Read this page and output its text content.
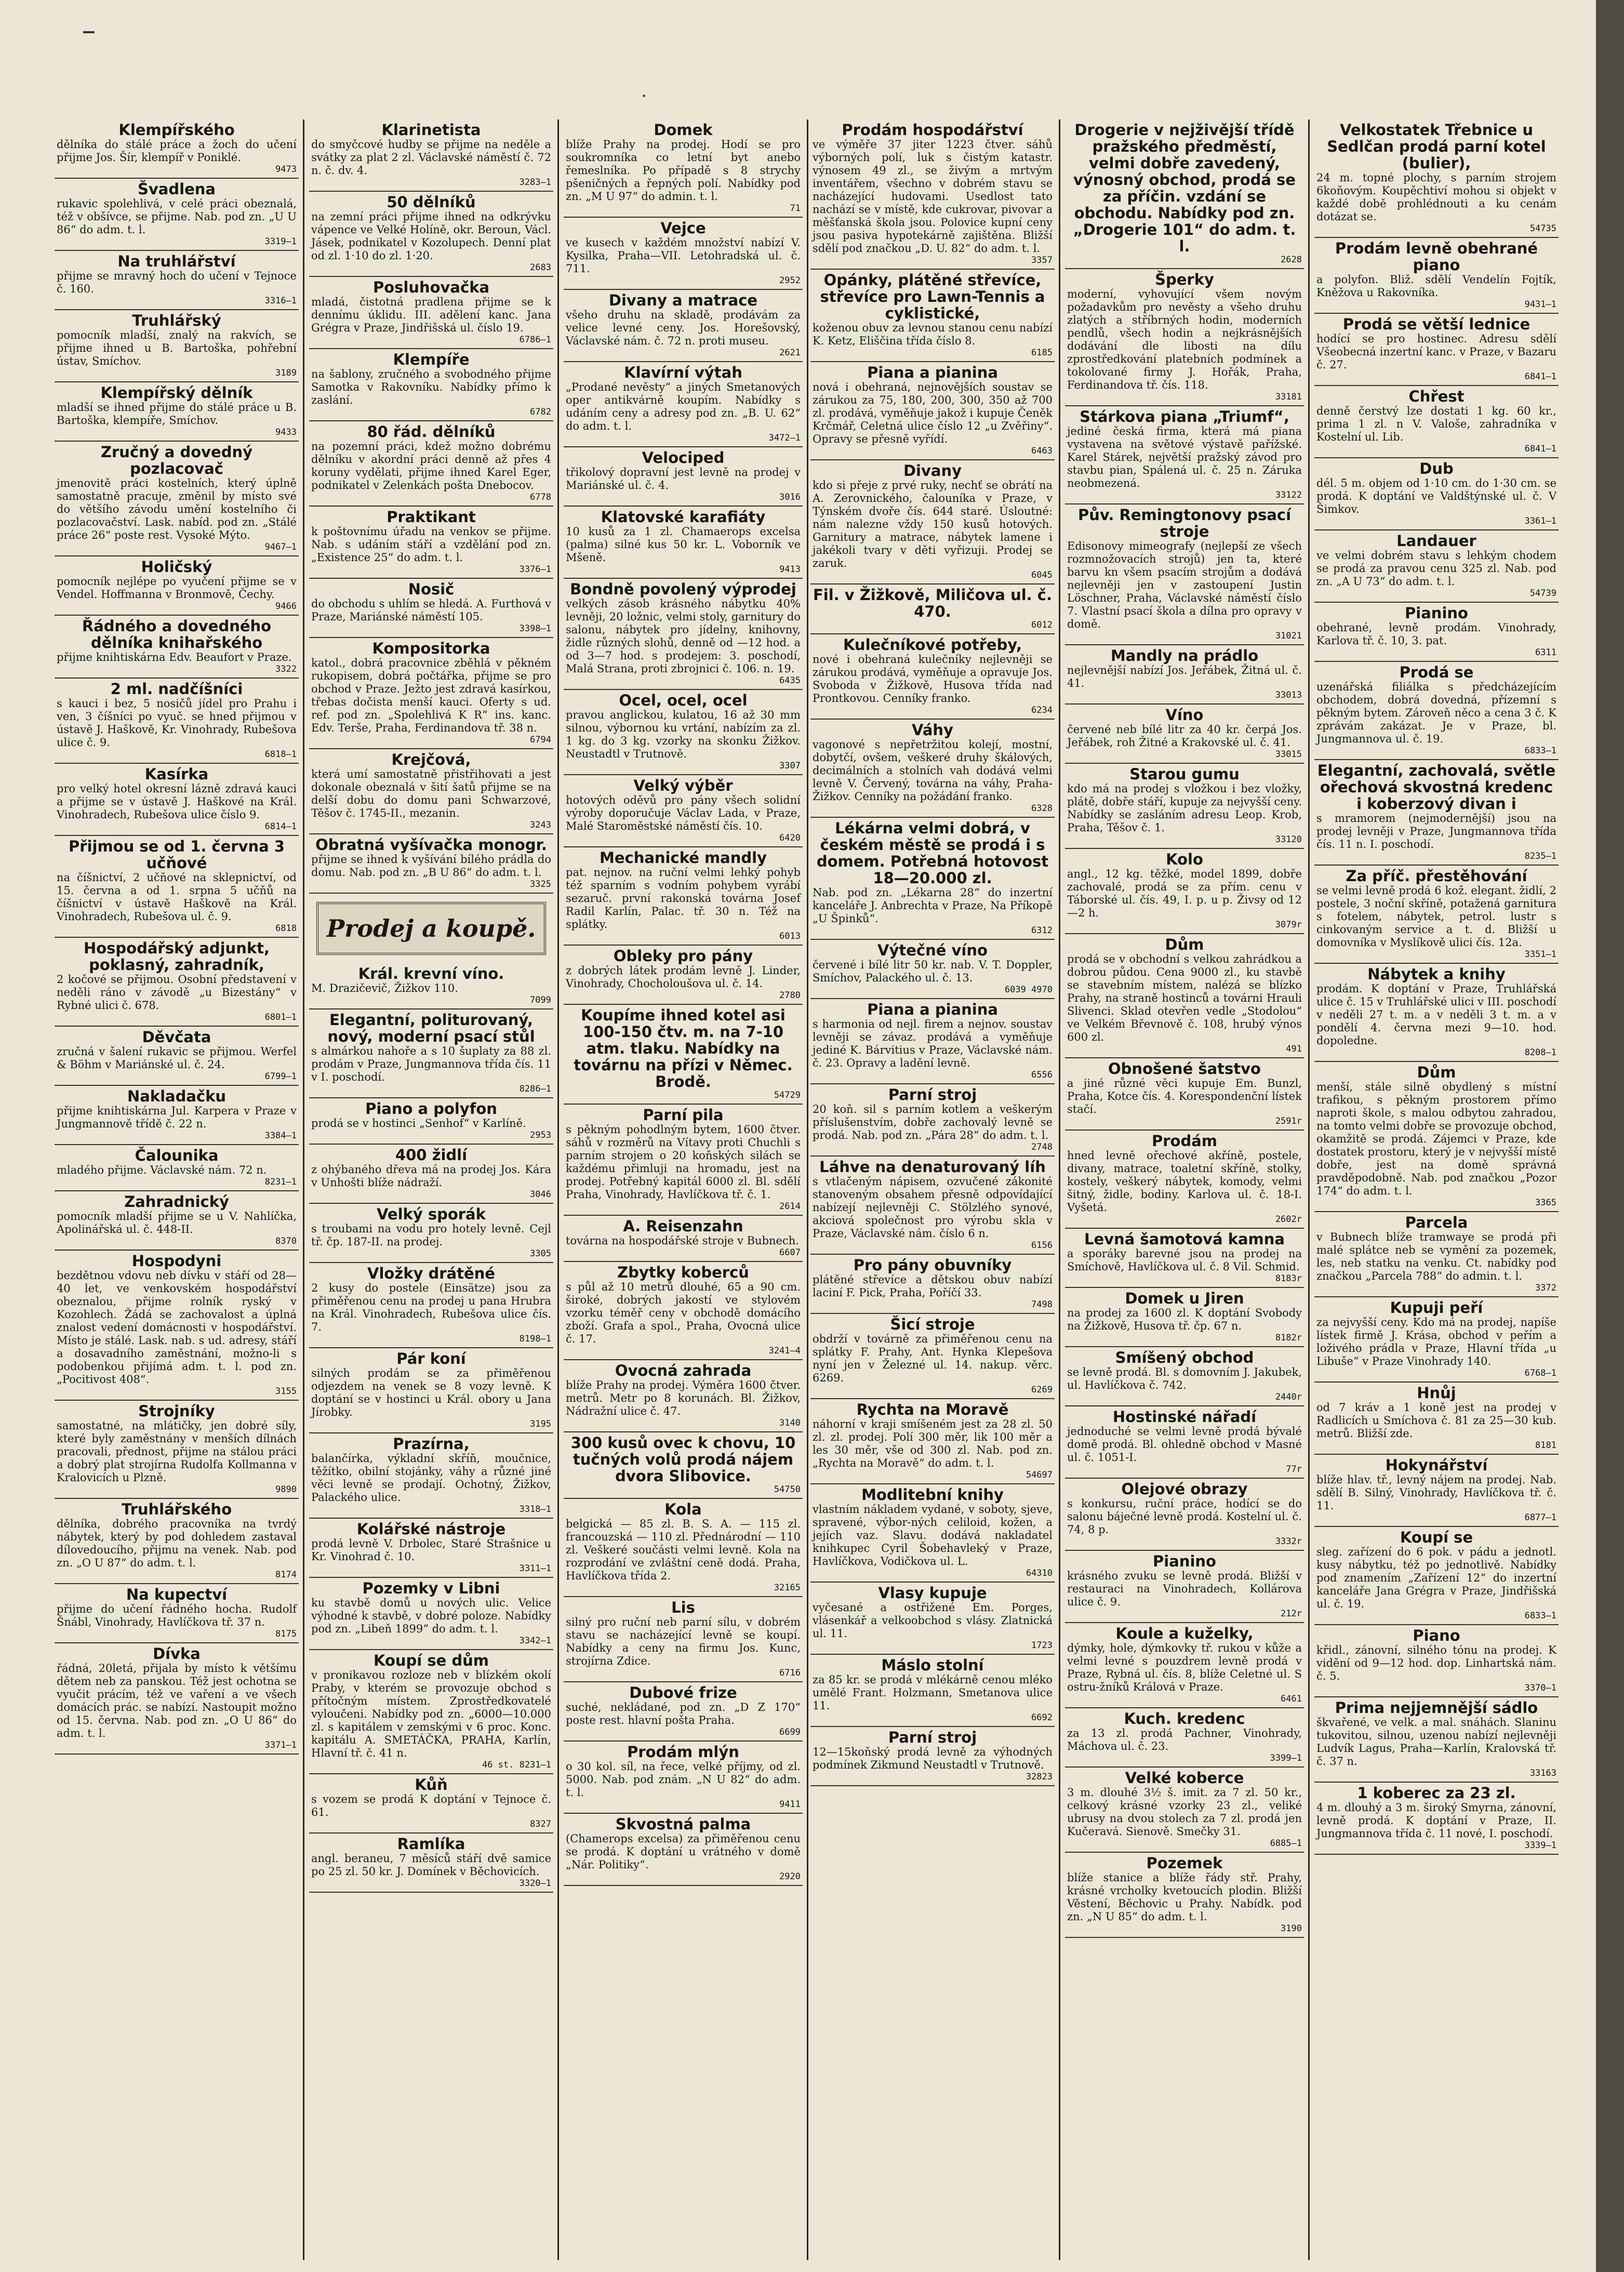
Klempířského
dělníka do stálé práce a žoch do učení přijme Jos. Šír, klempíř v Poniklé.
9473
Švadlena
rukavic spolehlivá, v celé práci obeznalá, též v obšívce, se přijme. Nab. pod zn. „U U 86“ do adm. t. l.
3319—1
Na truhlářství
přijme se mravný hoch do učení v Tejnoce č. 160.
3316—1
Truhlářský
pomocník mladší, znalý na rakvích, se přijme ihned u B. Bartoška, pohřební ústav, Smíchov.
3189
Klempířský dělník
mladší se ihned přijme do stálé práce u B. Bartoška, klempíře, Smíchov.
9433
Zručný a dovedný pozlacovač
jmenovitě práci kostelních, který úplně samostatně pracuje, změnil by místo své do většího závodu umění kostelního či pozlacovačství. Lask. nabíd. pod zn. „Stálé práce 26“ poste rest. Vysoké Mýto.
9467—1
Holičský
pomocník nejlépe po vyučení přijme se v Vendel. Hoffmanna v Bronmově, Čechy.
9466
Řádného a dovedného dělníka knihařského
přijme knihtiskárna Edv. Beaufort v Praze.
3322
2 ml. nadčíšníci
s kauci i bez, 5 nosičů jídel pro Prahu i ven, 3 číšníci po vyuč. se hned přijmou v ústavě J. Haškově, Kr. Vinohrady, Rubešova ulice č. 9.
6818—1
Kasírka
pro velký hotel okresní lázně zdravá kauci a přijme se v ústavě J. Haškové na Král. Vinohradech, Rubešova ulice číslo 9.
6814—1
Přijmou se od 1. června 3 učňové
na číšnictví, 2 učňové na sklepnictví, od 15. června a od 1. srpna 5 učňů na číšnictví v ústavě Haškově na Král. Vinohradech, Rubešova ul. č. 9.
6818
Hospodářský adjunkt, poklasný, zahradník,
2 kočové se přijmou. Osobní představení v neděli ráno v závodě „u Bizestány“ v Rybné ulici č. 678.
6801—1
Děvčata
zručná v šalení rukavic se přijmou. Werfel & Böhm v Mariánské ul. č. 24.
6799—1
Nakladačku
přijme knihtiskárna Jul. Karpera v Praze v Jungmannově třídě č. 22 n.
3384—1
Čalounika
mladého přijme. Václavské nám. 72 n.
8231—1
Zahradnický
pomocník mladší přijme se u V. Nahlíčka, Apolinářská ul. č. 448-II.
8370
Hospodyni
bezdětnou vdovu neb dívku v stáří od 28—40 let, ve venkovském hospodářství obeznalou, přijme rolník ryský v Kozohlech. Žádá se zachovalost a úplná znalost vedení domácnosti v hospodářství. Místo je stálé. Lask. nab. s ud. adresy, stáří a dosavadního zaměstnání, možno-li s podobenkou přijímá adm. t. l. pod zn. „Pocitivost 408“.
3155
Strojníky
samostatné, na mlátičky, jen dobré síly, které byly zaměstnány v menších dílnách pracovali, přednost, přijme na stálou práci a dobrý plat strojírna Rudolfa Kollmanna v Kralovicích u Plzně.
9890
Truhlářského
dělníka, dobrého pracovníka na tvrdý nábytek, který by pod dohledem zastaval dílovedoucího, přijmu na venek. Nab. pod zn. „O U 87“ do adm. t. l.
8174
Na kupectví
přijme do učení řádného hocha. Rudolf Šnábl, Vinohrady, Havlíčkova tř. 37 n.
8175
Dívka
řádná, 20letá, přijala by místo k většímu dětem neb za panskou. Též jest ochotna se vyučit prácím, též ve vaření a ve všech domácích prác. se nabízí. Nastoupit možno od 15. června. Nab. pod zn. „O U 86“ do adm. t. l.
3371—1
Klarinetista
do smyčcové hudby se přijme na neděle a svátky za plat 2 zl. Václavské náměstí č. 72 n. č. dv. 4.
3283—1
50 dělníků
na zemní práci přijme ihned na odkrývku vápence ve Velké Holíně, okr. Beroun, Václ. Jásek, podnikatel v Kozolupech. Denní plat od zl. 1·10 do zl. 1·20.
2683
Posluhovačka
mladá, čistotná pradlena přijme se k dennímu úklidu. III. adělení kanc. Jana Grégra v Praze, Jindřišská ul. číslo 19.
6786—1
Klempíře
na šablony, zručného a svobodného přijme Samotka v Rakovníku. Nabídky přímo k zaslání.
6782
80 řád. dělníků
na pozemní práci, kdež možno dobrému dělníku v akordní práci denně až přes 4 koruny vydělati, přijme ihned Karel Eger, podnikatel v Zelenkách pošta Dnebocov.
6778
Praktikant
k poštovnímu úřadu na venkov se přijme. Nab. s udáním stáří a vzdělání pod zn. „Existence 25“ do adm. t. l.
3376—1
Nosič
do obchodu s uhlím se hledá. A. Furthová v Praze, Mariánské náměstí 105.
3398—1
Kompositorka
katol., dobrá pracovnice zběhlá v pěkném rukopisem, dobrá počtářka, přijme se pro obchod v Praze. Ježto jest zdravá kasírkou, třebas dočista menší kauci. Oferty s ud. ref. pod zn. „Spolehlivá K R“ ins. kanc. Edv. Terše, Praha, Ferdinandova tř. 38 n.
6794
Krejčová,
která umí samostatně přistřihovati a jest dokonale obeznalá v šití šatů přijme se na delší dobu do domu pani Schwarzové, Těšov č. 1745-II., mezanin.
3243
Obratná vyšívačka monogr.
přijme se ihned k vyšívání bílého prádla do domu. Nab. pod zn. „B U 86“ do adm. t. l.
3325
Prodej a koupě.
Král. krevní víno.
M. Drazičevič, Žižkov 110.
7099
Elegantní, politurovaný, nový, moderní psací stůl
s almárkou nahoře a s 10 šuplaty za 88 zl. prodám v Praze, Jungmannova třída čís. 11 v I. poschodí.
8286—1
Piano a polyfon
prodá se v hostinci „Senhof“ v Karlíně.
2953
400 židlí
z ohýbaného dřeva má na prodej Jos. Kára v Unhošti blíže nádraží.
3046
Velký sporák
s troubami na vodu pro hotely levně. Cejl tř. čp. 187-II. na prodej.
3305
Vložky drátěné
2 kusy do postele (Einsätze) jsou za přiměřenou cenu na prodej u pana Hrubra na Král. Vinohradech, Rubešova ulice čís. 7.
8198—1
Pár koní
silných prodám se za přiměřenou odjezdem na venek se 8 vozy levně. K doptání se v hostinci u Král. obory u Jana Jírobky.
3195
Prazírna,
balančírka, výkladní skříň, moučnice, těžítko, obilní stojánky, váhy a různé jiné věci levně se prodají. Ochotný, Žižkov, Palackého ulice.
3318—1
Kolářské nástroje
prodá levně V. Drbolec, Staré Strašnice u Kr. Vinohrad č. 10.
3311—1
Pozemky v Libni
ku stavbě domů u nových ulic. Velice výhodné k stavbě, v dobré poloze. Nabídky pod zn. „Libeň 1899“ do adm. t. l.
3342—1
Koupí se dům
v pronikavou rozloze neb v blízkém okolí Praby, v kterém se provozuje obchod s přítočným místem. Zprostředkovatelé vyloučeni. Nabídky pod zn. „6000—10.000 zl. s kapitálem v zemskými v 6 proc. Konc. kapitálu A. SMETÁČKA, PRAHA, Karlín, Hlavní tř. č. 41 n.
46 st. 8231—1
Kůň
s vozem se prodá K doptání v Tejnoce č. 61.
8327
Ramlíka
angl. beraneu, 7 měsíců stáří dvě samice po 25 zl. 50 kr. J. Domínek v Běchovicích.
3320—1
Domek
blíže Prahy na prodej. Hodí se pro soukromníka co letní byt anebo řemeslníka. Po případě s 8 strychy pšeničných a řepných polí. Nabídky pod zn. „M U 97“ do admin. t. l.
71
Vejce
ve kusech v každém množství nabízí V. Kysilka, Praha—VII. Letohradská ul. č. 711.
2952
Divany a matrace
všeho druhu na skladě, prodávám za velice levné ceny. Jos. Horešovský, Václavské nám. č. 72 n. proti museu.
2621
Klavírní výtah
„Prodané nevěsty“ a jiných Smetanových oper antikvárně koupím. Nabídky s udáním ceny a adresy pod zn. „B. U. 62“ do adm. t. l.
3472—1
Velociped
třikolový dopravní jest levně na prodej v Mariánské ul. č. 4.
3016
Klatovské karafiáty
10 kusů za 1 zl. Chamaerops excelsa (palma) silné kus 50 kr. L. Voborník ve Mšeně.
9413
Bondně povolený výprodej
velkých zásob krásného nábytku 40% levněji, 20 ložnic, velmi stoly, garnitury do salonu, nábytek pro jídelny, knihovny, židle různých slohů, denně od —12 hod. a od 3—7 hod. s prodejem: 3. poschodí, Malá Strana, proti zbrojnici č. 106. n. 19.
6435
Ocel, ocel, ocel
pravou anglickou, kulatou, 16 až 30 mm silnou, výbornou ku vrtání, nabízím za zl. 1 kg. do 3 kg. vzorky na skonku Žižkov. Neustadtl v Trutnově.
3307
Velký výběr
hotových oděvů pro pány všech solidní výroby doporučuje Václav Lada, v Praze, Malé Staroměstské náměstí čís. 10.
6420
Mechanické mandly
pat. nejnov. na ruční velmi lehký pohyb též sparním s vodním pohybem vyrábí sezaruč. první rakonská továrna Josef Radil Karlín, Palac. tř. 30 n. Též na splátky.
6013
Obleky pro pány
z dobrých látek prodám levně J. Linder, Vinohrady, Chocholoušova ul. č. 14.
2780
Koupíme ihned kotel asi 100-150 čtv. m. na 7-10 atm. tlaku. Nabídky na továrnu na přízi v Němec. Brodě.
54729
Parní pila
s pěkným pohodlným bytem, 1600 čtver. sáhů v rozměrů na Vítavy proti Chuchli s parním strojem o 20 koňských silách se každému přimluji na hromadu, jest na prodej. Potřebný kapitál 6000 zl. Bl. sdělí Praha, Vinohrady, Havlíčkova tř. č. 1.
2614
A. Reisenzahn
továrna na hospodářské stroje v Bubnech.
6607
Zbytky koberců
s půl až 10 metrů dlouhé, 65 a 90 cm. široké, dobrých jakostí ve stylovém vzorku téměř ceny v obchodě domácího zboží. Grafa a spol., Praha, Ovocná ulice č. 17.
3241—4
Ovocná zahrada
blíže Prahy na prodej. Výměra 1600 čtver. metrů. Metr po 8 korunách. Bl. Žižkov, Nádražní ulice č. 47.
3140
300 kusů ovec k chovu, 10 tučných volů prodá nájem dvora Slibovice.
54750
Kola
belgická — 85 zl. B. S. A. — 115 zl. francouzská — 110 zl. Přednárodní — 110 zl. Veškeré součásti velmi levně. Kola na rozprodání ve zvláštní ceně dodá. Praha, Havlíčkova třída 2.
32165
Lis
silný pro ruční neb parní sílu, v dobrém stavu se nacházející levně se koupí. Nabídky a ceny na firmu Jos. Kunc, strojírna Zdice.
6716
Dubové frize
suché, nekládané, pod zn. „D Z 170“ poste rest. hlavní pošta Praha.
6699
Prodám mlýn
o 30 kol. síl, na řece, velké příjmy, od zl. 5000. Nab. pod znám. „N U 82“ do adm. t. l.
9411
Skvostná palma
(Chamerops excelsa) za přiměřenou cenu se prodá. K doptání u vrátného v domě „Nár. Politiky“.
2920
Prodám hospodářství
ve výměře 37 jiter 1223 čtver. sáhů výborných polí, luk s čistým katastr. výnosem 49 zl., se živým a mrtvým inventářem, všechno v dobrém stavu se nacházející hudovami. Usedlost tato nachází se v místě, kde cukrovar, pivovar a měšťanská škola jsou. Polovice kupní ceny jsou pasiva hypotekárně zajištěna. Bližší sdělí pod značkou „D. U. 82“ do adm. t. l.
3357
Opánky, plátěné střevíce, střevíce pro Lawn-Tennis a cyklistické,
koženou obuv za levnou stanou cenu nabízí K. Ketz, Eliščina třída číslo 8.
6185
Piana a pianina
nová i obehraná, nejnovějších soustav se zárukou za 75, 180, 200, 300, 350 až 700 zl. prodává, vyměňuje jakož i kupuje Čeněk Krčmář, Celetná ulice číslo 12 „u Zvěřiny“. Opravy se přesně vyřídí.
6463
Divany
kdo si přeje z prvé ruky, nechť se obrátí na A. Zerovnického, čalouníka v Praze, v Týnském dvoře čís. 644 staré. Úsloutné: nám nalezne vždy 150 kusů hotových. Garnitury a matrace, nábytek lamene i jakékoli tvary v děti vyřizuji. Prodej se zaruk.
6045
Fil. v Žižkově, Miličova ul. č. 470.
6012
Kulečníkové potřeby,
nové i obehraná kulečníky nejlevněji se zárukou prodává, vyměňuje a opravuje Jos. Svoboda v Žižkově, Husova třída nad Prontkovou. Cenníky franko.
6234
Váhy
vagonové s nepřetržitou kolejí, mostní, dobytčí, ovšem, veškeré druhy škálových, decimálních a stolních vah dodává velmi levně V. Červený, továrna na váhy, Praha-Žižkov. Cenníky na požádání franko.
6328
Lékárna velmi dobrá, v českém městě se prodá i s domem. Potřebná hotovost 18—20.000 zl.
Nab. pod zn. „Lékarna 28“ do inzertní kanceláře J. Anbrechta v Praze, Na Příkopě „U Špinků“.
6312
Výtečné víno
červené i bílé litr 50 kr. nab. V. T. Doppler, Smíchov, Palackého ul. č. 13.
6039 4970
Piana a pianina
s harmonia od nejl. firem a nejnov. soustav levněji se závaz. prodává a vyměňuje jediné K. Bárvitius v Praze, Václavské nám. č. 23. Opravy a ladění levně.
6556
Parní stroj
20 koň. sil s parním kotlem a veškerým příslušenstvím, dobře zachovalý levně se prodá. Nab. pod zn. „Pára 28“ do adm. t. l.
2748
Láhve na denaturovaný líh
s vtlačeným nápisem, ozvučené zákonité stanoveným obsahem přesně odpovídající nabízejí nejlevněji C. Stölzlého synové, akciová společnost pro výrobu skla v Praze, Václavské nám. číslo 6 n.
6156
Pro pány obuvníky
plátěné střevíce a dětskou obuv nabízí laciní F. Pick, Praha, Poříčí 33.
7498
Šicí stroje
obdrží v továrně za přiměřenou cenu na splátky F. Prahy, Ant. Hynka Klepešova nyní jen v Železné ul. 14. nakup. věrc. 6269.
6269
Rychta na Moravě
náhorní v kraji smíšeném jest za 28 zl. 50 zl. zl. prodej. Polí 300 měr, lik 100 měr a les 30 měr, vše od 300 zl. Nab. pod zn. „Rychta na Moravě“ do adm. t. l.
54697
Modlitební knihy
vlastním nákladem vydané, v soboty, sjeve, spravené, výbor-ných celiloid, kožen, a jejích vaz. Slavu. dodává nakladatel knihkupec Cyril Šobehavleký v Praze, Havlíčkova, Vodičkova ul. L.
64310
Vlasy kupuje
vyčesané a ostřižené Em. Porges, vlásenkář a velkoobchod s vlásy. Zlatnická ul. 11.
1723
Máslo stolní
za 85 kr. se prodá v mlékárně cenou mléko umělé Frant. Holzmann, Smetanova ulice 11.
6692
Parní stroj
12—15koňský prodá levně za výhodných podmínek Zikmund Neustadtl v Trutnově.
32823
Drogerie v nejživější třídě pražského předměstí, velmi dobře zavedený, výnosný obchod, prodá se za příčin. vzdání se obchodu. Nabídky pod zn. „Drogerie 101“ do adm. t. l.
2628
Šperky
moderní, vyhovující všem novým požadavkům pro nevěsty a všeho druhu zlatých a stříbrných hodin, moderních pendlů, všech hodin a nejkrásnějších dodávání dle libosti na dílu zprostředkování platebních podmínek a tokolované firmy J. Hořák, Praha, Ferdinandova tř. čís. 118.
33181
Stárkova piana „Triumf“,
jediné česká firma, která má piana vystavena na světové výstavě pařížské. Karel Stárek, největší pražský závod pro stavbu pian, Spálená ul. č. 25 n. Záruka neobmezená.
33122
Pův. Remingtonovy psací stroje
Edisonovy mimeografy (nejlepší ze všech rozmnožovacích strojů) jen ta, které barvu kn všem psacím strojům a dodává nejlevněji jen v zastoupení Justin Löschner, Praha, Václavské náměstí číslo 7. Vlastní psací škola a dílna pro opravy v domě.
31021
Mandly na prádlo
nejlevnější nabízí Jos. Jeřábek, Žitná ul. č. 41.
33013
Víno
červené neb bílé litr za 40 kr. čerpá Jos. Jeřábek, roh Žitné a Krakovské ul. č. 41.
33015
Starou gumu
kdo má na prodej s vložkou i bez vložky, plátě, dobře stáří, kupuje za nejvyšší ceny. Nabídky se zasláním adresu Leop. Krob, Praha, Těšov č. 1.
33120
Kolo
angl., 12 kg. těžké, model 1899, dobře zachovalé, prodá se za přím. cenu v Táborské ul. čís. 49, I. p. u p. Živsy od 12—2 h.
3079r
Dům
prodá se v obchodní s velkou zahrádkou a dobrou půdou. Cena 9000 zl., ku stavbě se stavebním místem, nalézá se blízko Prahy, na straně hostinců a továrni Hrauli Slivenci. Sklad otevřen vedle „Stodolou“ ve Velkém Břevnově č. 108, hrubý výnos 600 zl.
491
Obnošené šatstvo
a jiné různé věci kupuje Em. Bunzl, Praha, Kotce čís. 4. Korespondenční lístek stačí.
2591r
Prodám
hned levně ořechové akříně, postele, divany, matrace, toaletní skříně, stolky, kostely, veškerý nábytek, komody, velmi šitný, židle, bodiny. Karlova ul. č. 18-I. Vyšetá.
2602r
Levná šamotová kamna
a sporáky barevné jsou na prodej na Smíchově, Havlíčkova ul. č. 8 Vil. Schmid.
8183r
Domek u Jiren
na prodej za 1600 zl. K doptání Svobody na Žižkově, Husova tř. čp. 67 n.
8182r
Smíšený obchod
se levně prodá. Bl. s domovním J. Jakubek, ul. Havlíčkova č. 742.
2440r
Hostinské nářadí
jednoduché se velmi levně prodá bývalé domě prodá. Bl. ohledně obchod v Masné ul. č. 1051-I.
77r
Olejové obrazy
s konkursu, ruční práce, hodící se do salonu báječné levně prodá. Kostelní ul. č. 74, 8 p.
3332r
Pianino
krásného zvuku se levně prodá. Bližší v restauraci na Vinohradech, Kollárova ulice č. 9.
212r
Koule a kuželky,
dýmky, hole, dýmkovky tř. rukou v kůže a velmi levné s pouzdrem levně prodá v Praze, Rybná ul. čís. 8, blíže Celetné ul. S ostru-žníků Králová v Praze.
6461
Kuch. kredenc
za 13 zl. prodá Pachner, Vinohrady, Máchova ul. č. 23.
3399—1
Velké koberce
3 m. dlouhé 3½ š. imit. za 7 zl. 50 kr., celkový krásné vzorky 23 zl., veliké ubrusy na dvou stolech za 7 zl. prodá jen Kučeravá. Sienově. Smečky 31.
6885—1
Pozemek
blíže stanice a blíže řády stř. Prahy, krásné vrcholky kvetoucích plodin. Bližší Věstení, Běchovic u Prahy. Nabídk. pod zn. „N U 85“ do adm. t. l.
3190
Velkostatek Třebnice u Sedlčan prodá parní kotel (bulier),
24 m. topné plochy, s parním strojem 6koňovým. Koupěchtiví mohou si objekt v každé době prohlédnouti a ku cenám dotázat se.
54735
Prodám levně obehrané piano
a polyfon. Bliž. sdělí Vendelín Fojtík, Kněžova u Rakovníka.
9431—1
Prodá se větší lednice
hodící se pro hostinec. Adresu sdělí Všeobecná inzertní kanc. v Praze, v Bazaru č. 27.
6841—1
Chřest
denně čerstvý lze dostati 1 kg. 60 kr., prima 1 zl. n V. Valoše, zahradníka v Kostelní ul. Lib.
6841—1
Dub
dél. 5 m. objem od 1·10 cm. do 1·30 cm. se prodá. K doptání ve Valdštýnské ul. č. V Šimkov.
3361—1
Landauer
ve velmi dobrém stavu s lehkým chodem se prodá za pravou cenu 325 zl. Nab. pod zn. „A U 73“ do adm. t. l.
54739
Pianino
obehrané, levně prodám. Vinohrady, Karlova tř. č. 10, 3. pat.
6311
Prodá se
uzenářská filiálka s předcházejícím obchodem, dobrá dovedná, přízemní s pěkným bytem. Zároveň něco a cena 3 č. K zprávám zakázat. Je v Praze, bl. Jungmannova ul. č. 19.
6833—1
Elegantní, zachovalá, světle ořechová skvostná kredenc i koberzový divan i
s mramorem (nejmodernější) jsou na prodej levněji v Praze, Jungmannova třída čís. 11 n. I. poschodí.
8235—1
Za příč. přestěhování
se velmi levně prodá 6 kož. elegant. židlí, 2 postele, 3 noční skříně, potažená garnitura s fotelem, nábytek, petrol. lustr s cinkovaným service a t. d. Bližší u domovníka v Myslíkově ulici čís. 12a.
3351—1
Nábytek a knihy
prodám. K doptání v Praze, Truhlářská ulice č. 15 v Truhlářské ulici v III. poschodí v neděli 27 t. m. a v neděli 3 t. m. a v pondělí 4. června mezi 9—10. hod. dopoledne.
8208—1
Dům
menší, stále silně obydlený s místní trafikou, s pěkným prostorem přímo naproti škole, s malou odbytou zahradou, na tomto velmi dobře se provozuje obchod, okamžitě se prodá. Zájemci v Praze, kde dostatek prostoru, který je v nejvyšší místě dobře, jest na domě správná pravděpodobně. Nab. pod značkou „Pozor 174“ do adm. t. l.
3365
Parcela
v Bubnech blíže tramwaye se prodá při malé splátce neb se vymění za pozemek, les, neb statku na venku. Ct. nabídky pod značkou „Parcela 788“ do admin. t. l.
3372
Kupuji peří
za nejvyšší ceny. Kdo má na prodej, napíše lístek firmě J. Krása, obchod v peřím a loživého prádla v Praze, Hlavní třída „u Libuše“ v Praze Vinohrady 140.
6768—1
Hnůj
od 7 kráv a 1 koně jest na prodej v Radlicích u Smíchova č. 81 za 25—30 kub. metrů. Bližší zde.
8181
Hokynářství
blíže hlav. tř., levný nájem na prodej. Nab. sdělí B. Silný, Vinohrady, Havlíčkova tř. č. 11.
6877—1
Koupí se
sleg. zařízení do 6 pok. v pádu a jednotl. kusy nábytku, též po jednotlivě. Nabídky pod znamením „Zařízení 12“ do inzertní kanceláře Jana Grégra v Praze, Jindřišská ul. č. 19.
6833—1
Piano
křidl., zánovní, silného tónu na prodej. K vidění od 9—12 hod. dop. Linhartská nám. č. 5.
3370—1
Prima nejjemnější sádlo
škvařené, ve velk. a mal. snáhách. Slaninu tukovitou, silnou, uzenou nabízí nejlevněji Ludvík Lagus, Praha—Karlín, Kralovská tř. č. 37 n.
33163
1 koberec za 23 zl.
4 m. dlouhý a 3 m. široký Smyrna, zánovní, levně prodá. K doptání v Praze, II. Jungmannova třída č. 11 nové, I. poschodí.
3339—1
